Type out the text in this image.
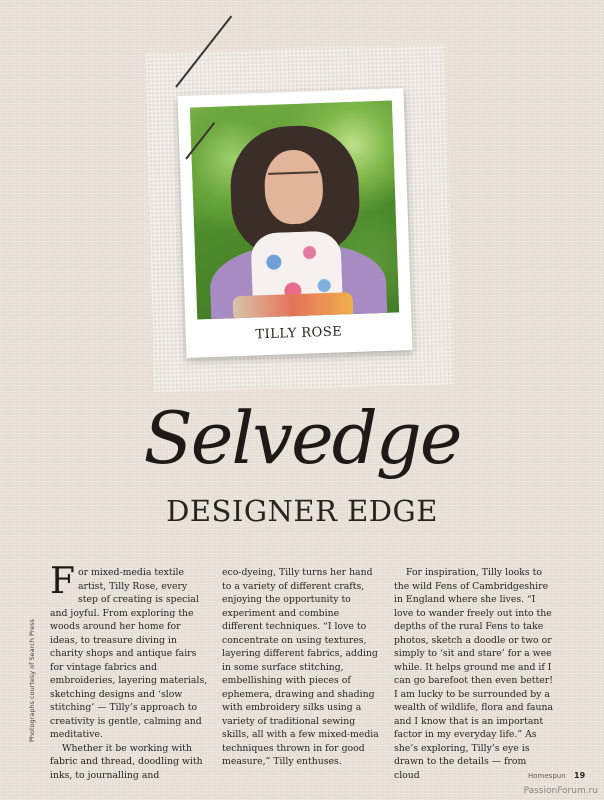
TILLY ROSE
Selvedge
DESIGNER EDGE
Photographs courtesy of Search Press

For mixed-media textile artist, Tilly Rose, every step of creating is special and joyful. From exploring the woods around her home for ideas, to treasure diving in charity shops and antique fairs for vintage fabrics and embroideries, layering materials, sketching designs and ‘slow stitching’ — Tilly’s approach to creativity is gentle, calming and meditative.

Whether it be working with fabric and thread, doodling with inks, to journalling and

eco-dyeing, Tilly turns her hand to a variety of different crafts, enjoying the opportunity to experiment and combine different techniques. “I love to concentrate on using textures, layering different fabrics, adding in some surface stitching, embellishing with pieces of ephemera, drawing and shading with embroidery silks using a variety of traditional sewing skills, all with a few mixed-media techniques thrown in for good measure,” Tilly enthuses.

For inspiration, Tilly looks to the wild Fens of Cambridgeshire in England where she lives. “I love to wander freely out into the depths of the rural Fens to take photos, sketch a doodle or two or simply to ‘sit and stare’ for a wee while. It helps ground me and if I can go barefoot then even better! I am lucky to be surrounded by a wealth of wildlife, flora and fauna and I know that is an important factor in my everyday life.” As she’s exploring, Tilly’s eye is drawn to the details — from cloud	Homespun 19
PassionForum.ru
